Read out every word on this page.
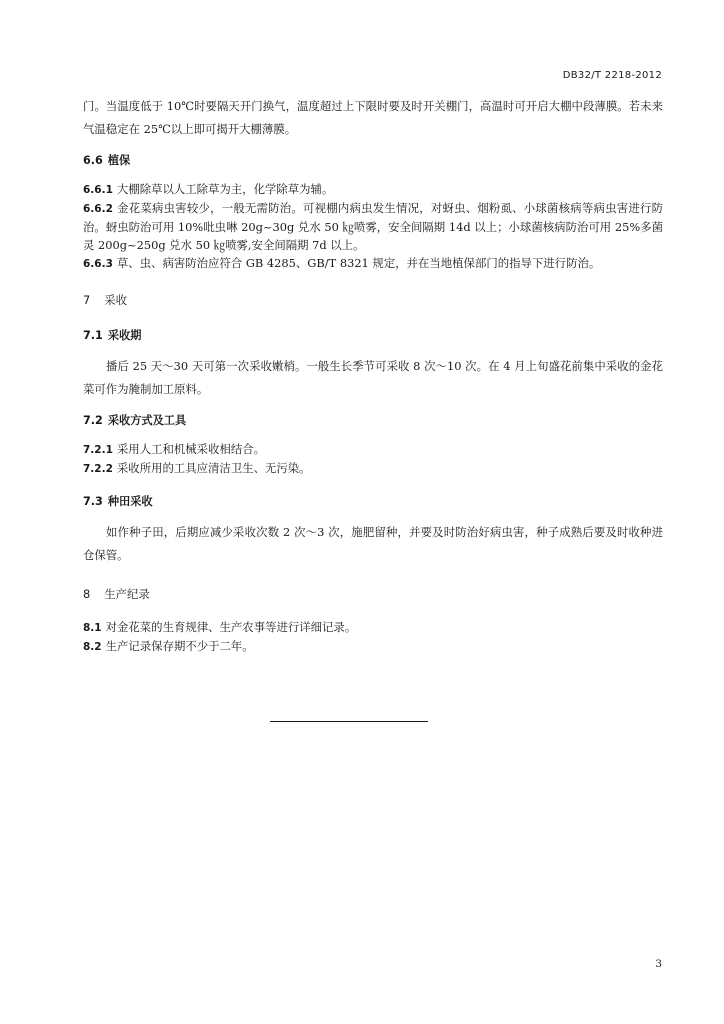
DB32/T 2218-2012

门。当温度低于 10℃时要隔天开门换气，温度超过上下限时要及时开关棚门，高温时可开启大棚中段薄膜。若未来气温稳定在 25℃以上即可揭开大棚薄膜。

6.6 植保

6.6.1 大棚除草以人工除草为主，化学除草为辅。

6.6.2 金花菜病虫害较少，一般无需防治。可视棚内病虫发生情况，对蚜虫、烟粉虱、小球菌核病等病虫害进行防治。蚜虫防治可用 10%吡虫啉 20g~30g 兑水 50 ㎏喷雾，安全间隔期 14d 以上；小球菌核病防治可用 25%多菌灵 200g~250g 兑水 50 ㎏喷雾,安全间隔期 7d 以上。

6.6.3 草、虫、病害防治应符合 GB 4285、GB/T 8321 规定，并在当地植保部门的指导下进行防治。

7 采收

7.1 采收期

播后 25 天～30 天可第一次采收嫩梢。一般生长季节可采收 8 次～10 次。在 4 月上旬盛花前集中采收的金花菜可作为腌制加工原料。

7.2 采收方式及工具

7.2.1 采用人工和机械采收相结合。

7.2.2 采收所用的工具应清洁卫生、无污染。

7.3 种田采收

如作种子田，后期应减少采收次数 2 次～3 次，施肥留种，并要及时防治好病虫害，种子成熟后要及时收种进仓保管。

8 生产纪录

8.1 对金花菜的生育规律、生产农事等进行详细记录。

8.2 生产记录保存期不少于二年。

3
